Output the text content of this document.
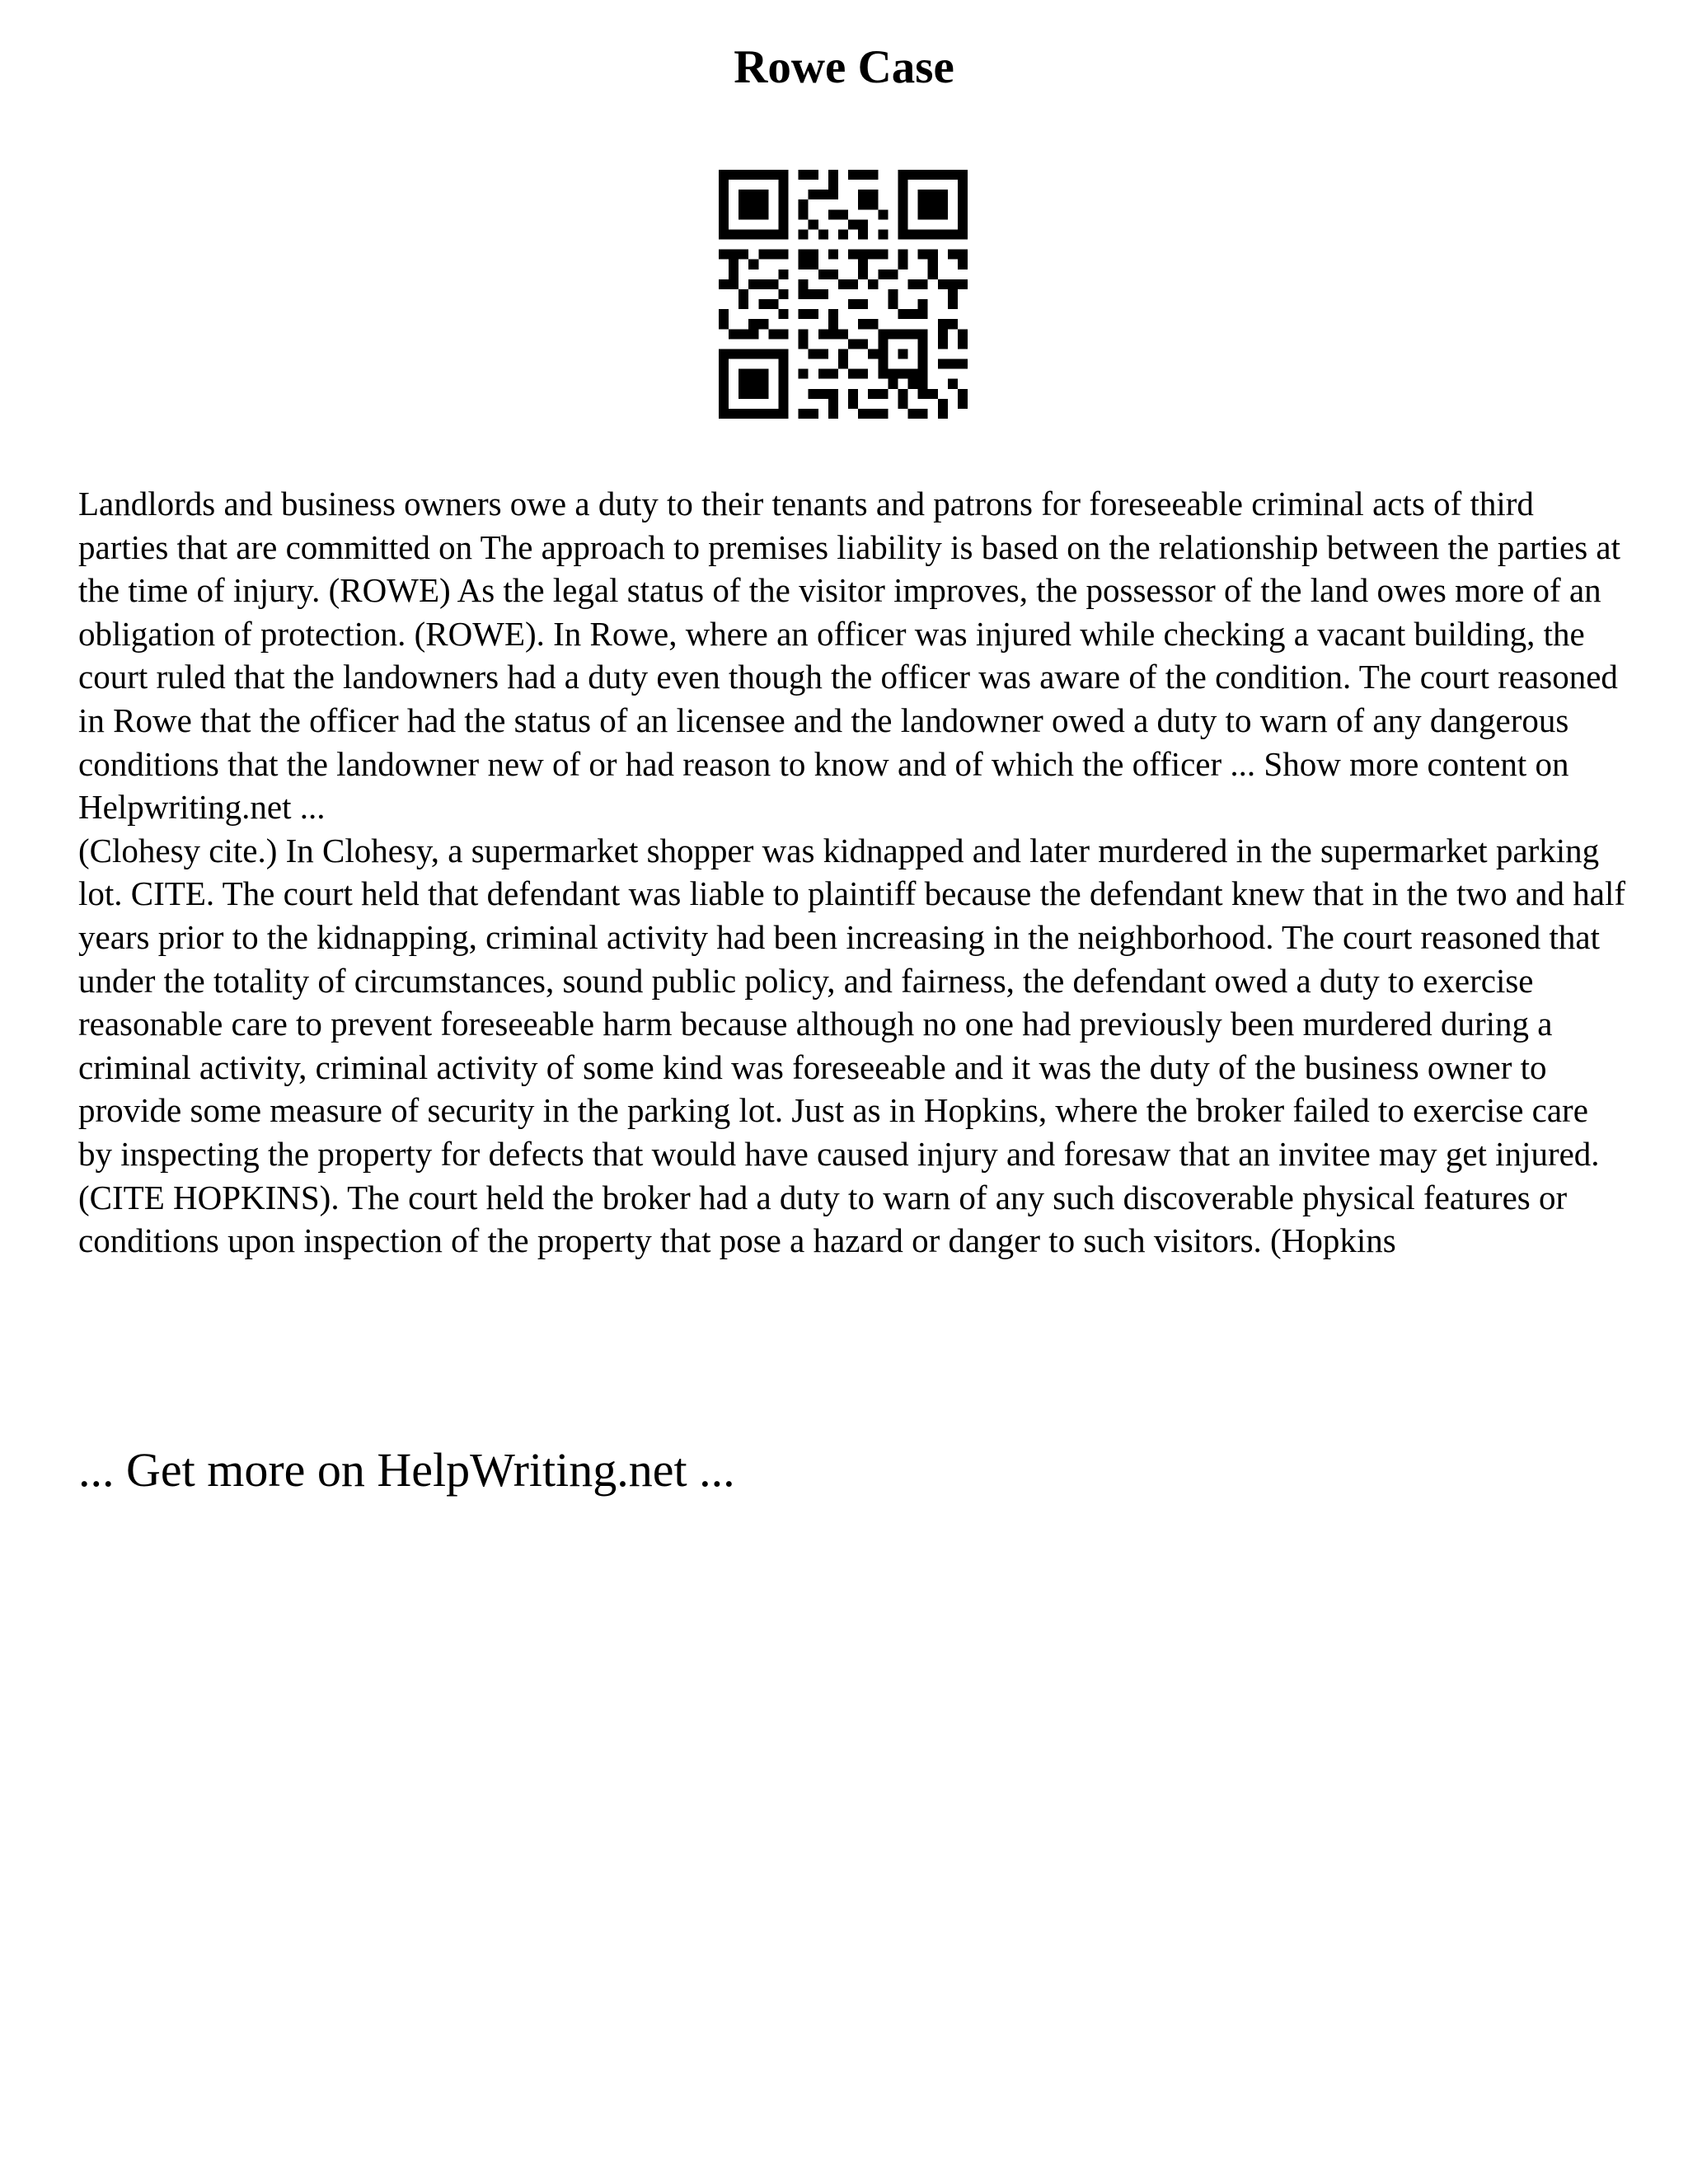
Rowe Case

Landlords and business owners owe a duty to their tenants and patrons for foreseeable criminal acts of third parties that are committed on The approach to premises liability is based on the relationship between the parties at the time of injury. (ROWE) As the legal status of the visitor improves, the possessor of the land owes more of an obligation of protection. (ROWE). In Rowe, where an officer was injured while checking a vacant building, the court ruled that the landowners had a duty even though the officer was aware of the condition. The court reasoned in Rowe that the officer had the status of an licensee and the landowner owed a duty to warn of any dangerous conditions that the landowner new of or had reason to know and of which the officer ... Show more content on Helpwriting.net ...

(Clohesy cite.) In Clohesy, a supermarket shopper was kidnapped and later murdered in the supermarket parking lot. CITE. The court held that defendant was liable to plaintiff because the defendant knew that in the two and half years prior to the kidnapping, criminal activity had been increasing in the neighborhood. The court reasoned that under the totality of circumstances, sound public policy, and fairness, the defendant owed a duty to exercise reasonable care to prevent foreseeable harm because although no one had previously been murdered during a criminal activity, criminal activity of some kind was foreseeable and it was the duty of the business owner to provide some measure of security in the parking lot. Just as in Hopkins, where the broker failed to exercise care by inspecting the property for defects that would have caused injury and foresaw that an invitee may get injured. (CITE HOPKINS). The court held the broker had a duty to warn of any such discoverable physical features or conditions upon inspection of the property that pose a hazard or danger to such visitors. (Hopkins

... Get more on HelpWriting.net ...
